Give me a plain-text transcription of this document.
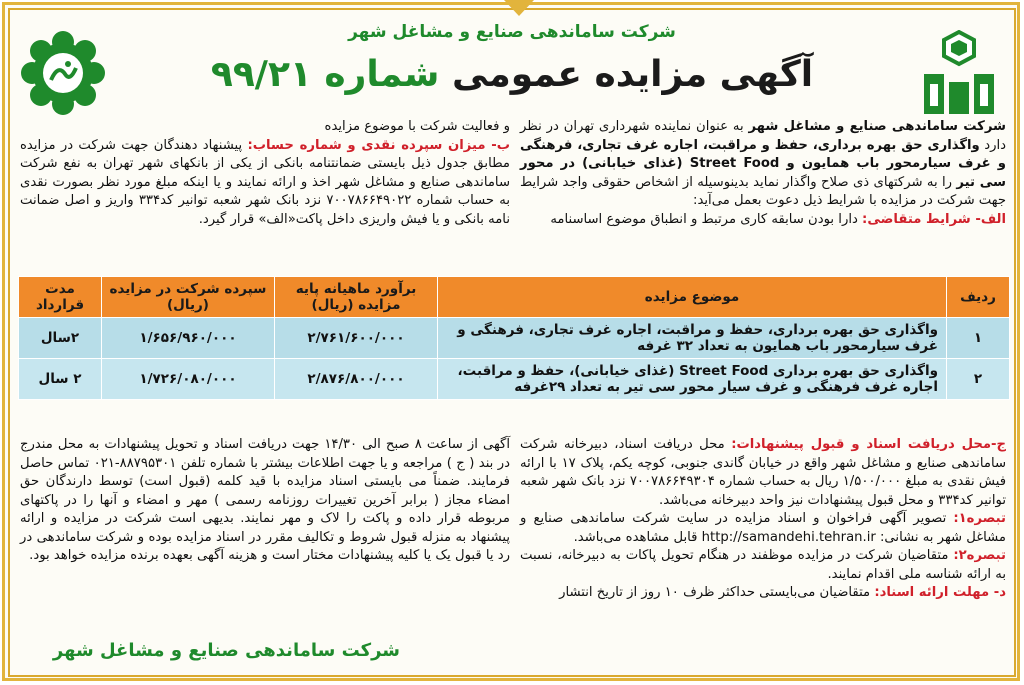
شرکت ساماندهی صنایع و مشاغل شهر
آگهی مزایده عمومی شماره ۹۹/۲۱
شرکت ساماندهی صنایع و مشاغل شهر به عنوان نماینده شهرداری تهران در نظر دارد واگذاری حق بهره برداری، حفظ و مراقبت، اجاره غرف تجاری، فرهنگی و غرف سیارمحور باب همایون و Street Food (غذای خیابانی) در محور سی تیر را به شرکتهای ذی صلاح واگذار نماید بدینوسیله از اشخاص حقوقی واجد شرایط جهت شرکت در مزایده با شرایط ذیل دعوت بعمل می‌آید:
الف- شرایط متقاضی: دارا بودن سابقه کاری مرتبط و انطباق موضوع اساسنامه
و فعالیت شرکت با موضوع مزایده
ب- میزان سپرده نقدی و شماره حساب: پیشنهاد دهندگان جهت شرکت در مزایده مطابق جدول ذیل بایستی ضمانتنامه بانکی از یکی از بانکهای شهر تهران به نفع شرکت ساماندهی صنایع و مشاغل شهر اخذ و ارائه نمایند و یا اینکه مبلغ مورد نظر بصورت نقدی به حساب شماره ۷۰۰۷۸۶۶۴۹۰۲۲ نزد بانک شهر شعبه توانیر کد۳۳۴ واریز و اصل ضمانت نامه بانکی و یا فیش واریزی داخل پاکت«الف» قرار گیرد.
ردیف	موضوع مزایده	برآورد ماهیانه پایه مزایده (ریال)	سپرده شرکت در مزایده (ریال)	مدت قرارداد
۱	واگذاری حق بهره برداری، حفظ و مراقبت، اجاره غرف تجاری، فرهنگی و غرف سیارمحور باب همایون به تعداد ۳۲ غرفه	۲/۷۶۱/۶۰۰/۰۰۰	۱/۶۵۶/۹۶۰/۰۰۰	۲سال
۲	واگذاری حق بهره برداری Street Food (غذای خیابانی)، حفظ و مراقبت، اجاره غرف فرهنگی و غرف سیار محور سی تیر به تعداد ۲۹غرفه	۲/۸۷۶/۸۰۰/۰۰۰	۱/۷۲۶/۰۸۰/۰۰۰	۲ سال
ج-محل دریافت اسناد و قبول پیشنهادات: محل دریافت اسناد، دبیرخانه شرکت ساماندهی صنایع و مشاغل شهر واقع در خیابان گاندی جنوبی، کوچه یکم، پلاک ۱۷ با ارائه فیش نقدی به مبلغ ۱/۵۰۰/۰۰۰ ریال به حساب شماره ۷۰۰۷۸۶۶۴۹۳۰۴ نزد بانک شهر شعبه توانیر کد۳۳۴ و محل قبول پیشنهادات نیز واحد دبیرخانه می‌باشد.
تبصره۱: تصویر آگهی فراخوان و اسناد مزایده در سایت شرکت ساماندهی صنایع و مشاغل شهر به نشانی: http://samandehi.tehran.ir قابل مشاهده می‌باشد.
تبصره۲: متقاضیان شرکت در مزایده موظفند در هنگام تحویل پاکات به دبیرخانه، نسبت به ارائه شناسه ملی اقدام نمایند.
د- مهلت ارائه اسناد: متقاضیان می‌بایستی حداکثر ظرف ۱۰ روز از تاریخ انتشار
آگهی از ساعت ۸ صبح الی ۱۴/۳۰ جهت دریافت اسناد و تحویل پیشنهادات به محل مندرج در بند ( ج ) مراجعه و یا جهت اطلاعات بیشتر با شماره تلفن ۸۸۷۹۵۳۰۱-۰۲۱ تماس حاصل فرمایند. ضمناً می بایستی اسناد مزایده با قید کلمه (قبول است) توسط دارندگان حق امضاء مجاز ( برابر آخرین تغییرات روزنامه رسمی ) مهر و امضاء و آنها را در پاکتهای مربوطه قرار داده و پاکت را لاک و مهر نمایند. بدیهی است شرکت در مزایده و ارائه پیشنهاد به منزله قبول شروط و تکالیف مقرر در اسناد مزایده بوده و شرکت ساماندهی در رد یا قبول یک یا کلیه پیشنهادات مختار است و هزینه آگهی بعهده برنده مزایده خواهد بود.
شرکت ساماندهی صنایع و مشاغل شهر
